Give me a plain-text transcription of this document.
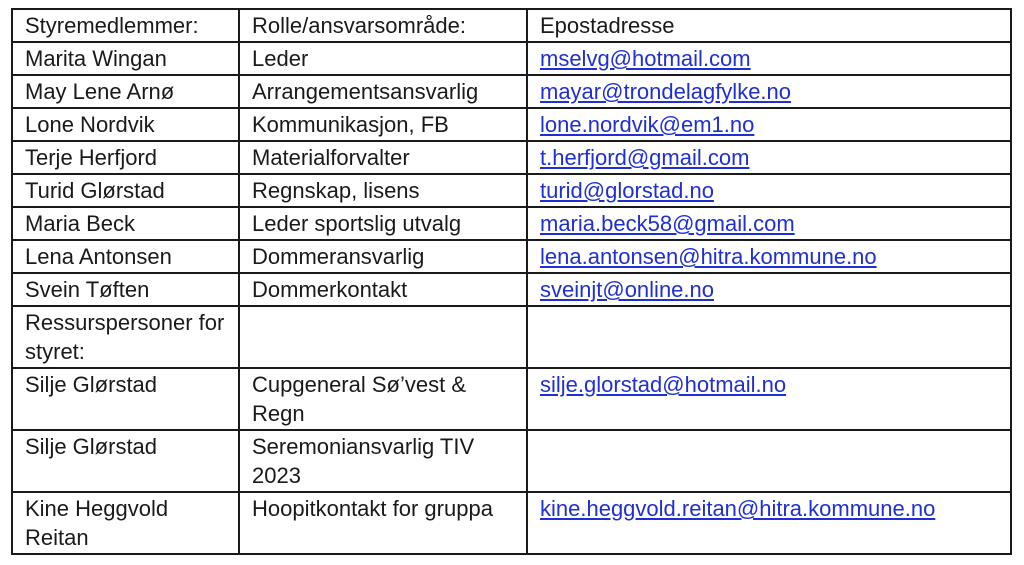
Styremedlemmer:	Rolle/ansvarsområde:	Epostadresse
Marita Wingan	Leder	mselvg@hotmail.com
May Lene Arnø	Arrangementsansvarlig	mayar@trondelagfylke.no
Lone Nordvik	Kommunikasjon, FB	lone.nordvik@em1.no
Terje Herfjord	Materialforvalter	t.herfjord@gmail.com
Turid Glørstad	Regnskap, lisens	turid@glorstad.no
Maria Beck	Leder sportslig utvalg	maria.beck58@gmail.com
Lena Antonsen	Dommeransvarlig	lena.antonsen@hitra.kommune.no
Svein Tøften	Dommerkontakt	sveinjt@online.no
Ressurspersoner for styret:		
Silje Glørstad	Cupgeneral Sø’vest & Regn	silje.glorstad@hotmail.no
Silje Glørstad	Seremoniansvarlig TIV 2023	
Kine Heggvold Reitan	Hoopitkontakt for gruppa	kine.heggvold.reitan@hitra.kommune.no
